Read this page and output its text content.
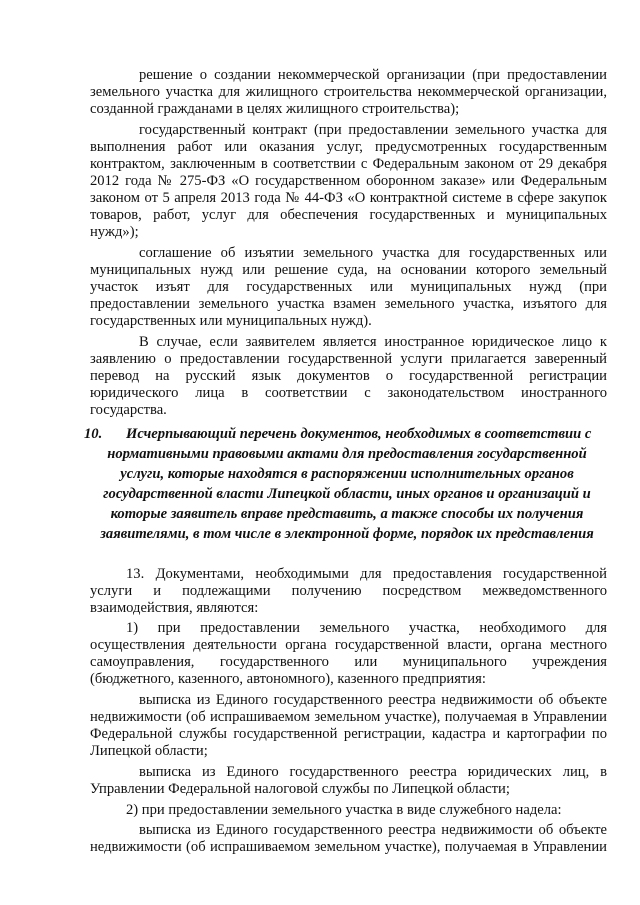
решение о создании некоммерческой организации (при предоставлении
земельного участка для жилищного строительства некоммерческой организации,
созданной гражданами в целях жилищного строительства);
государственный контракт (при предоставлении земельного участка для
выполнения работ или оказания услуг, предусмотренных государственным
контрактом, заключенным в соответствии с Федеральным законом от 29 декабря
2012 года № 275-ФЗ «О государственном оборонном заказе» или Федеральным
законом от 5 апреля 2013 года № 44-ФЗ «О контрактной системе в сфере закупок
товаров, работ, услуг для обеспечения государственных и муниципальных
нужд»);
соглашение об изъятии земельного участка для государственных или
муниципальных нужд или решение суда, на основании которого земельный
участок изъят для государственных или муниципальных нужд (при
предоставлении земельного участка взамен земельного участка, изъятого для
государственных или муниципальных нужд).
В случае, если заявителем является иностранное юридическое лицо к
заявлению о предоставлении государственной услуги прилагается заверенный
перевод на русский язык документов о государственной регистрации
юридического лица в соответствии с законодательством иностранного
государства.
10. Исчерпывающий перечень документов, необходимых в соответствии с
нормативными правовыми актами для предоставления государственной
услуги, которые находятся в распоряжении исполнительных органов
государственной власти Липецкой области, иных органов и организаций и
которые заявитель вправе представить, а также способы их получения
заявителями, в том числе в электронной форме, порядок их представления
13. Документами, необходимыми для предоставления государственной
услуги и подлежащими получению посредством межведомственного
взаимодействия, являются:
1) при предоставлении земельного участка, необходимого для
осуществления деятельности органа государственной власти, органа местного
самоуправления, государственного или муниципального учреждения
(бюджетного, казенного, автономного), казенного предприятия:
выписка из Единого государственного реестра недвижимости об объекте
недвижимости (об испрашиваемом земельном участке), получаемая в Управлении
Федеральной службы государственной регистрации, кадастра и картографии по
Липецкой области;
выписка из Единого государственного реестра юридических лиц, в
Управлении Федеральной налоговой службы по Липецкой области;
2) при предоставлении земельного участка в виде служебного надела:
выписка из Единого государственного реестра недвижимости об объекте
недвижимости (об испрашиваемом земельном участке), получаемая в Управлении
